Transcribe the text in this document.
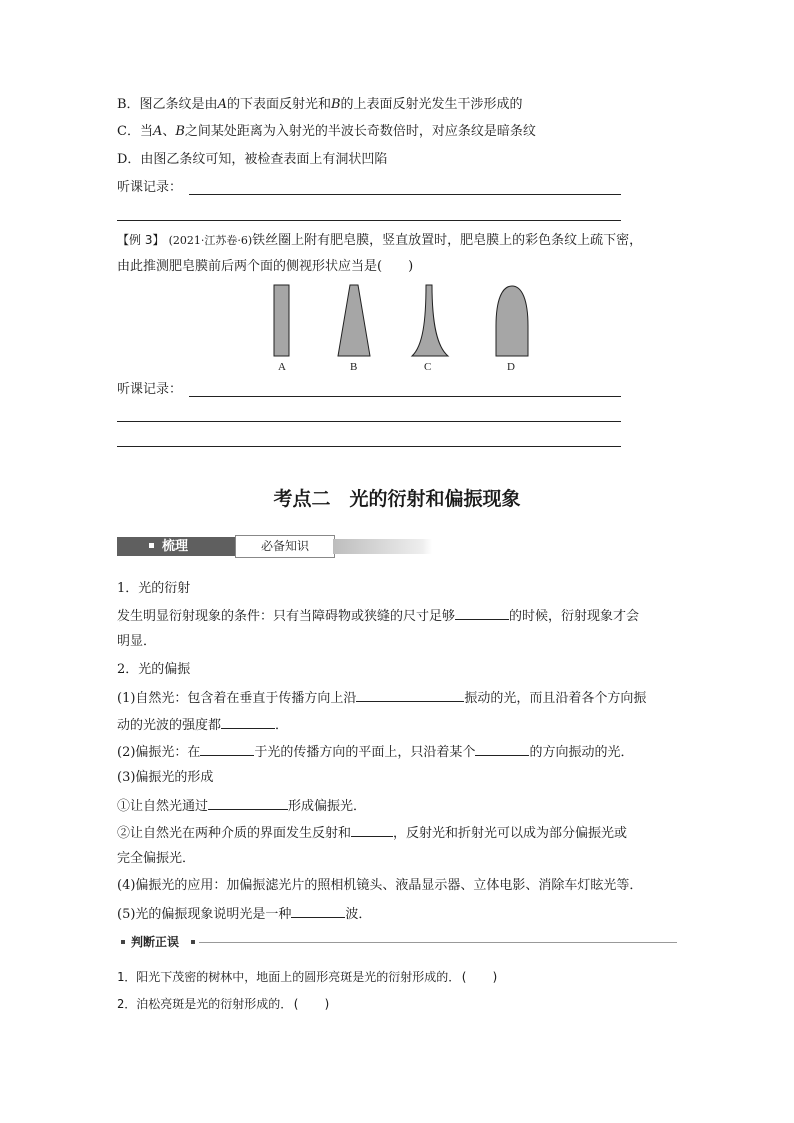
B．图乙条纹是由A的下表面反射光和B的上表面反射光发生干涉形成的
C．当A、B之间某处距离为入射光的半波长奇数倍时，对应条纹是暗条纹
D．由图乙条纹可知，被检查表面上有洞状凹陷
听课记录：
【例 3】 (2021·江苏卷·6)铁丝圈上附有肥皂膜，竖直放置时，肥皂膜上的彩色条纹上疏下密，
由此推测肥皂膜前后两个面的侧视形状应当是(　　)
A	B	C	D
听课记录：
考点二　光的衍射和偏振现象
梳理	必备知识
1．光的衍射
发生明显衍射现象的条件：只有当障碍物或狭缝的尺寸足够	的时候，衍射现象才会
明显．
2．光的偏振
(1)自然光：包含着在垂直于传播方向上沿	振动的光，而且沿着各个方向振
动的光波的强度都	．
(2)偏振光：在	于光的传播方向的平面上，只沿着某个	的方向振动的光．
(3)偏振光的形成
①让自然光通过	形成偏振光．
②让自然光在两种介质的界面发生反射和	，反射光和折射光可以成为部分偏振光或
完全偏振光．
(4)偏振光的应用：加偏振滤光片的照相机镜头、液晶显示器、立体电影、消除车灯眩光等．
(5)光的偏振现象说明光是一种	波．
判断正误
1．阳光下茂密的树林中，地面上的圆形亮斑是光的衍射形成的．(　　)
2．泊松亮斑是光的衍射形成的．(　　)
